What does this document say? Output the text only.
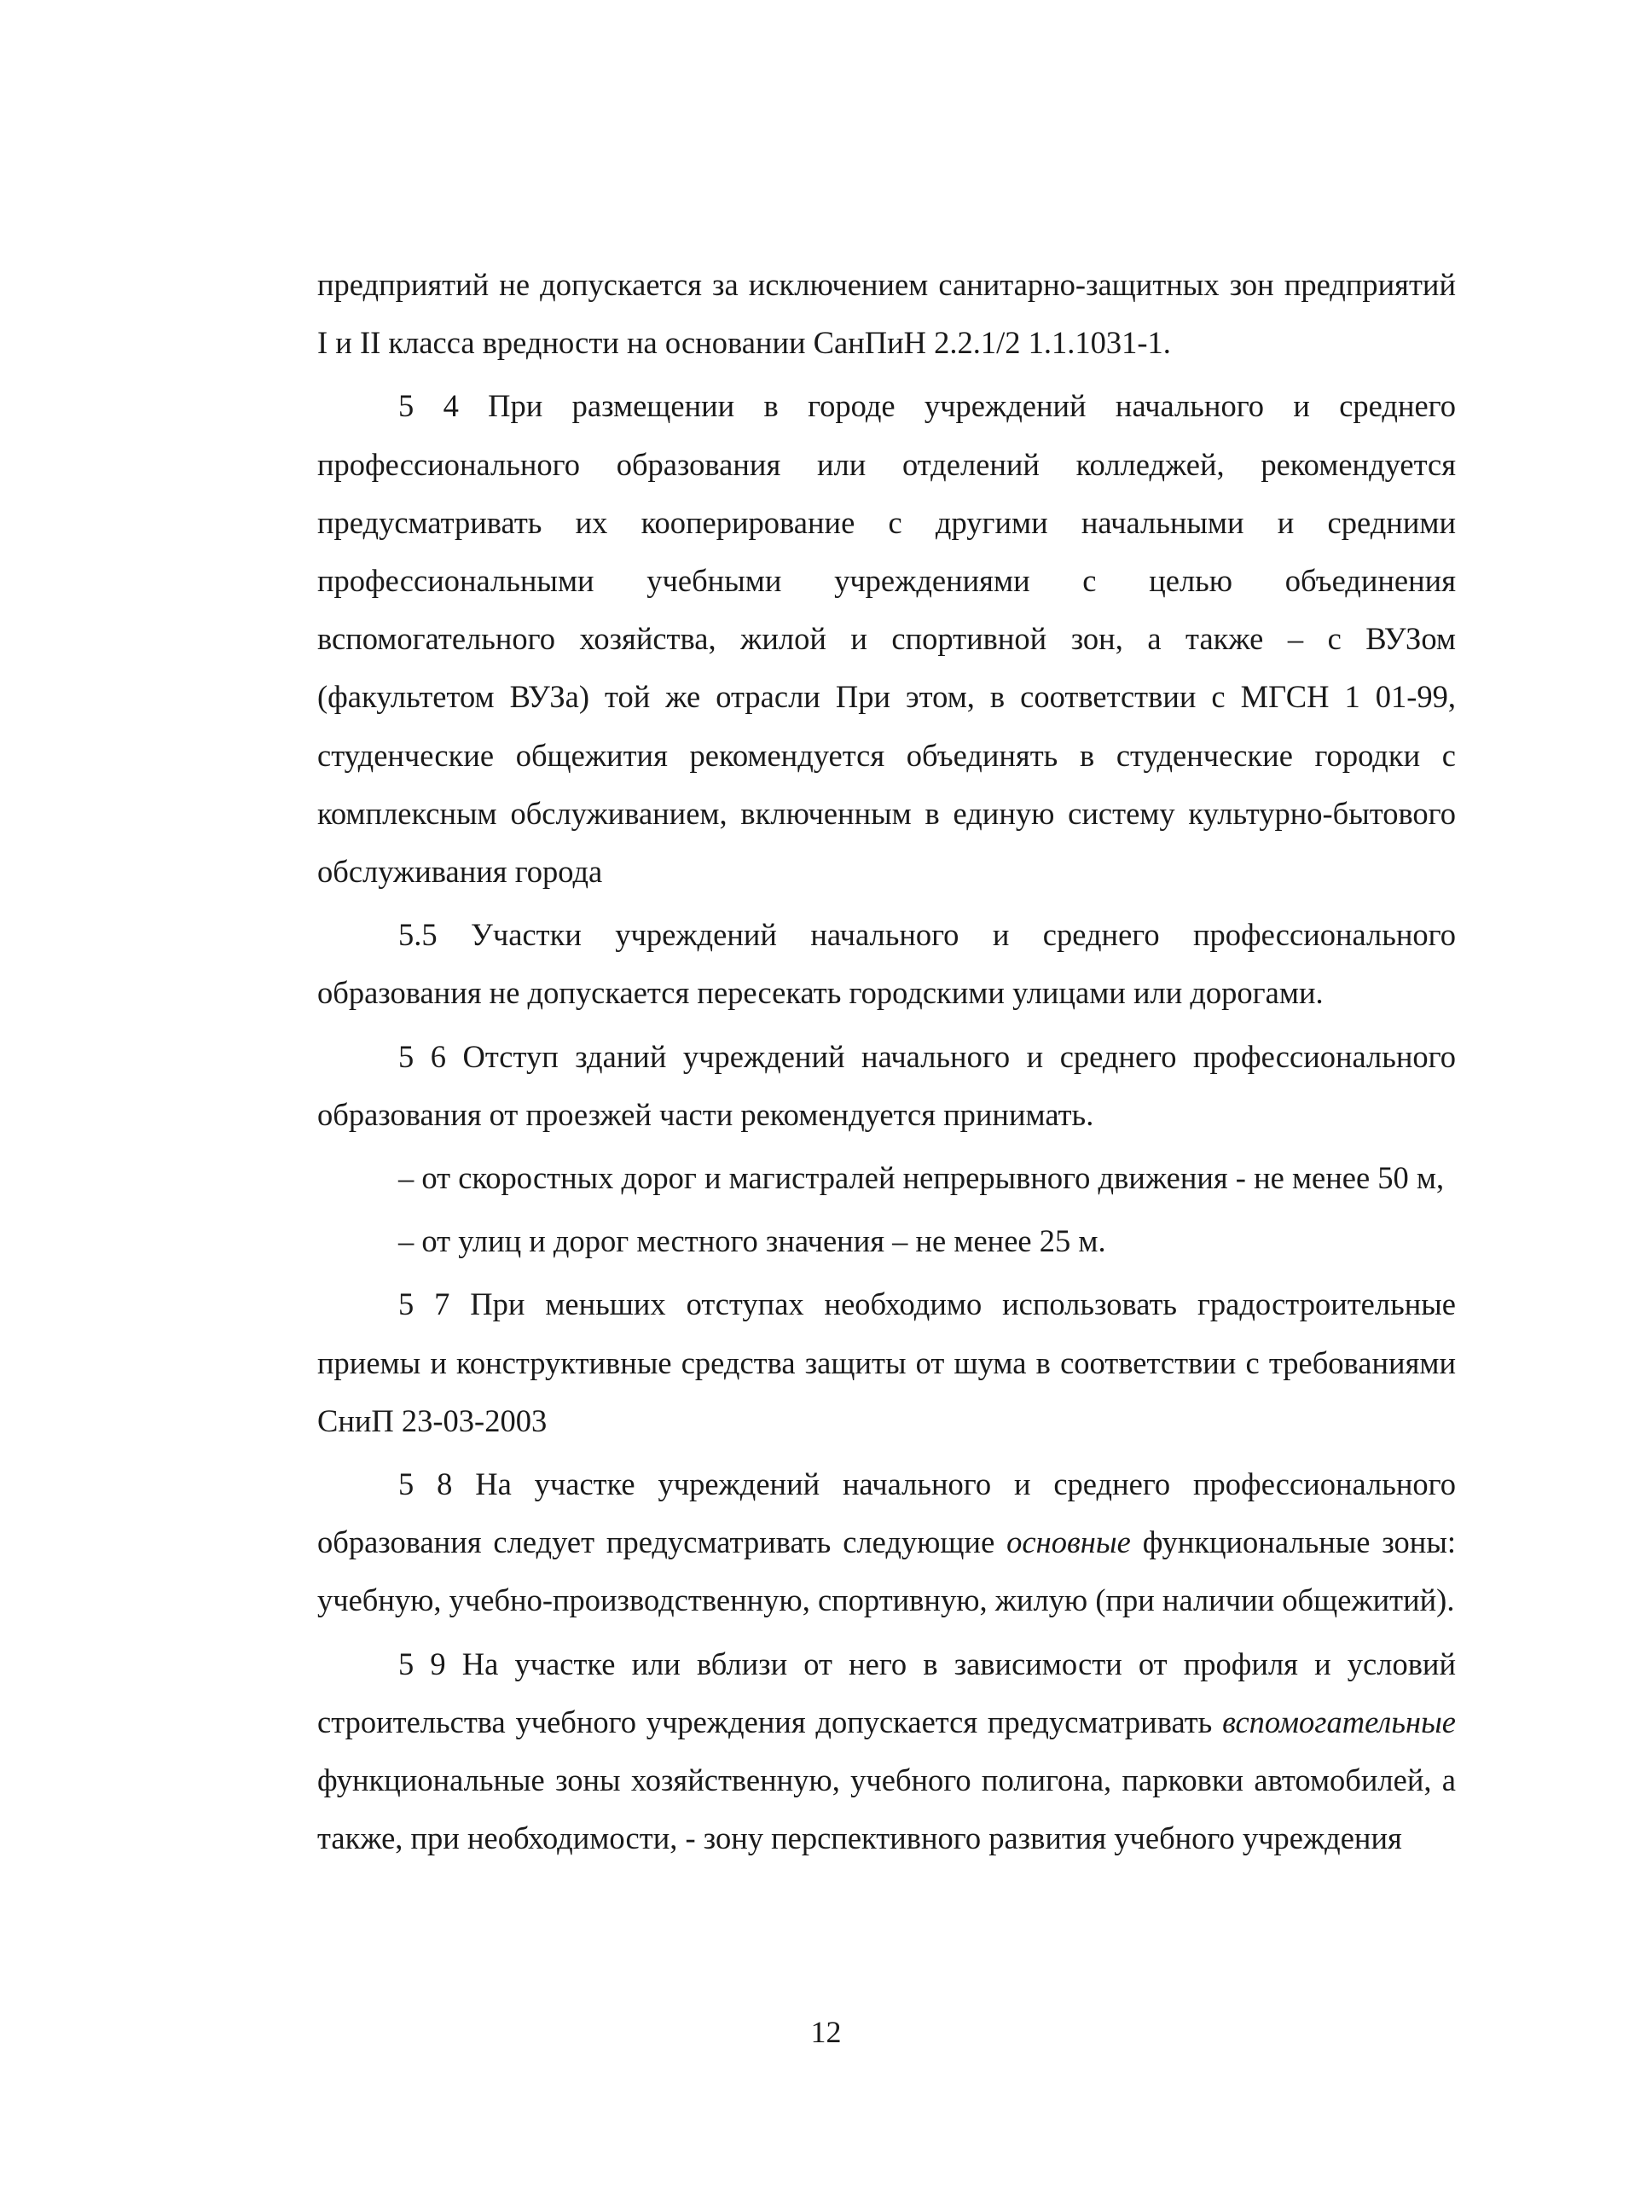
предприятий не допускается за исключением санитарно-защитных зон предприятий I и II класса вредности на основании СанПиН 2.2.1/2 1.1.1031-1.

5 4 При размещении в городе учреждений начального и среднего профессионального образования или отделений колледжей, рекомендуется предусматривать их кооперирование с другими начальными и средними профессиональными учебными учреждениями с целью объединения вспомогательного хозяйства, жилой и спортивной зон, а также – с ВУЗом (факультетом ВУЗа) той же отрасли При этом, в соответствии с МГСН 1 01-99, студенческие общежития рекомендуется объединять в студенческие городки с комплексным обслуживанием, включенным в единую систему культурно-бытового обслуживания города

5.5 Участки учреждений начального и среднего профессионального образования не допускается пересекать городскими улицами или дорогами.

5 6 Отступ зданий учреждений начального и среднего профессионального образования от проезжей части рекомендуется принимать.

– от скоростных дорог и магистралей непрерывного движения - не менее 50 м,

– от улиц и дорог местного значения – не менее 25 м.

5 7 При меньших отступах необходимо использовать градостроительные приемы и конструктивные средства защиты от шума в соответствии с требованиями СниП 23-03-2003

5 8 На участке учреждений начального и среднего профессионального образования следует предусматривать следующие основные функциональные зоны: учебную, учебно-производственную, спортивную, жилую (при наличии общежитий).

5 9 На участке или вблизи от него в зависимости от профиля и условий строительства учебного учреждения допускается предусматривать вспомогательные функциональные зоны хозяйственную, учебного полигона, парковки автомобилей, а также, при необходимости, - зону перспективного развития учебного учреждения

12
